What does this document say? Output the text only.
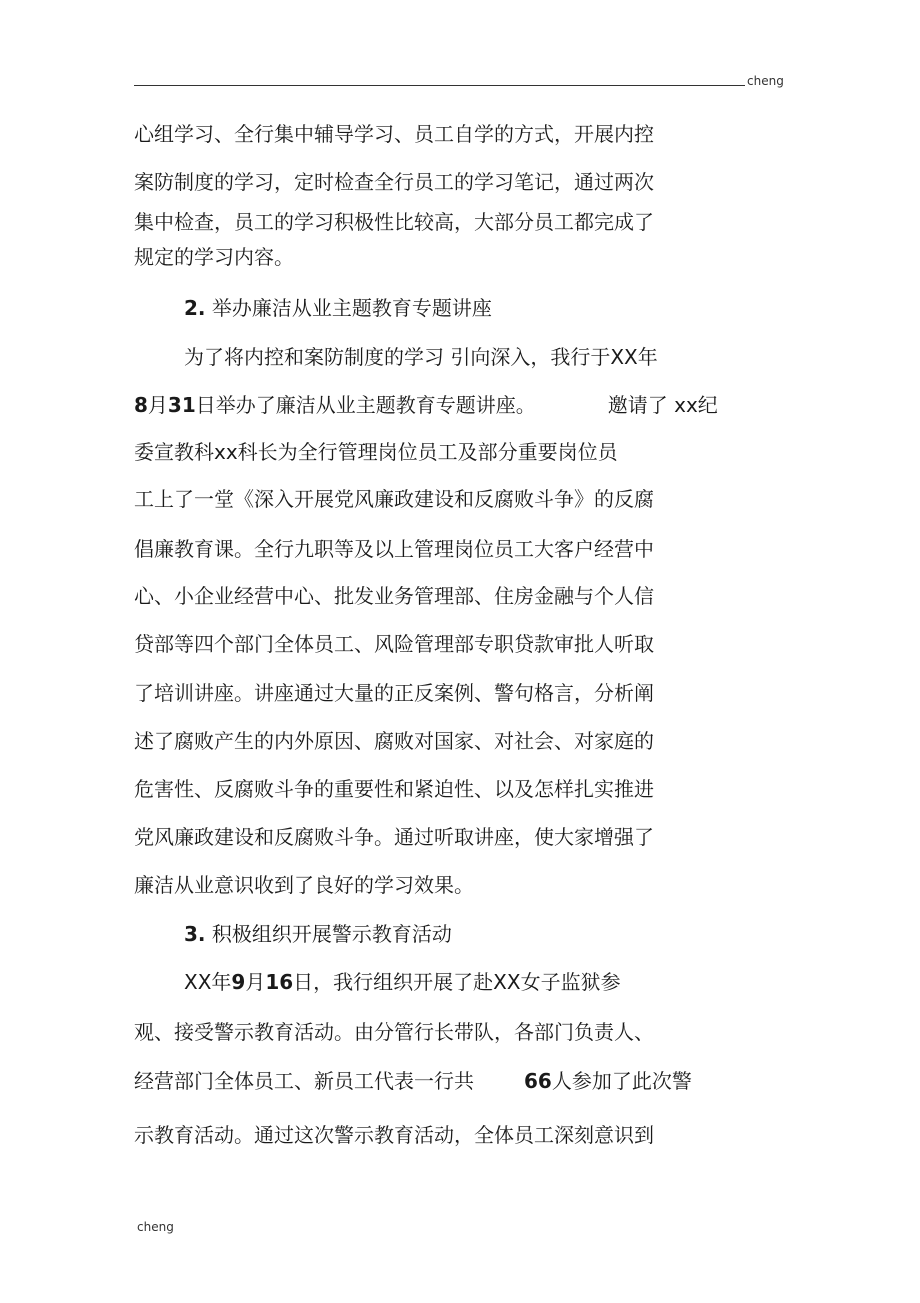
cheng
心组学习、全行集中辅导学习、员工自学的方式，开展内控
案防制度的学习，定时检查全行员工的学习笔记，通过两次
集中检查，员工的学习积极性比较高，大部分员工都完成了
规定的学习内容。
2. 举办廉洁从业主题教育专题讲座
为了将内控和案防制度的学习 引向深入，我行于XX年
8月31日举办了廉洁从业主题教育专题讲座。	邀请了 xx纪
委宣教科xx科长为全行管理岗位员工及部分重要岗位员
工上了一堂《深入开展党风廉政建设和反腐败斗争》的反腐
倡廉教育课。全行九职等及以上管理岗位员工大客户经营中
心、小企业经营中心、批发业务管理部、住房金融与个人信
贷部等四个部门全体员工、风险管理部专职贷款审批人听取
了培训讲座。讲座通过大量的正反案例、警句格言，分析阐
述了腐败产生的内外原因、腐败对国家、对社会、对家庭的
危害性、反腐败斗争的重要性和紧迫性、以及怎样扎实推进
党风廉政建设和反腐败斗争。通过听取讲座，使大家增强了
廉洁从业意识收到了良好的学习效果。
3. 积极组织开展警示教育活动
XX年9月16日，我行组织开展了赴XX女子监狱参
观、接受警示教育活动。由分管行长带队，各部门负责人、
经营部门全体员工、新员工代表一行共	66人参加了此次警
示教育活动。通过这次警示教育活动，全体员工深刻意识到
cheng
